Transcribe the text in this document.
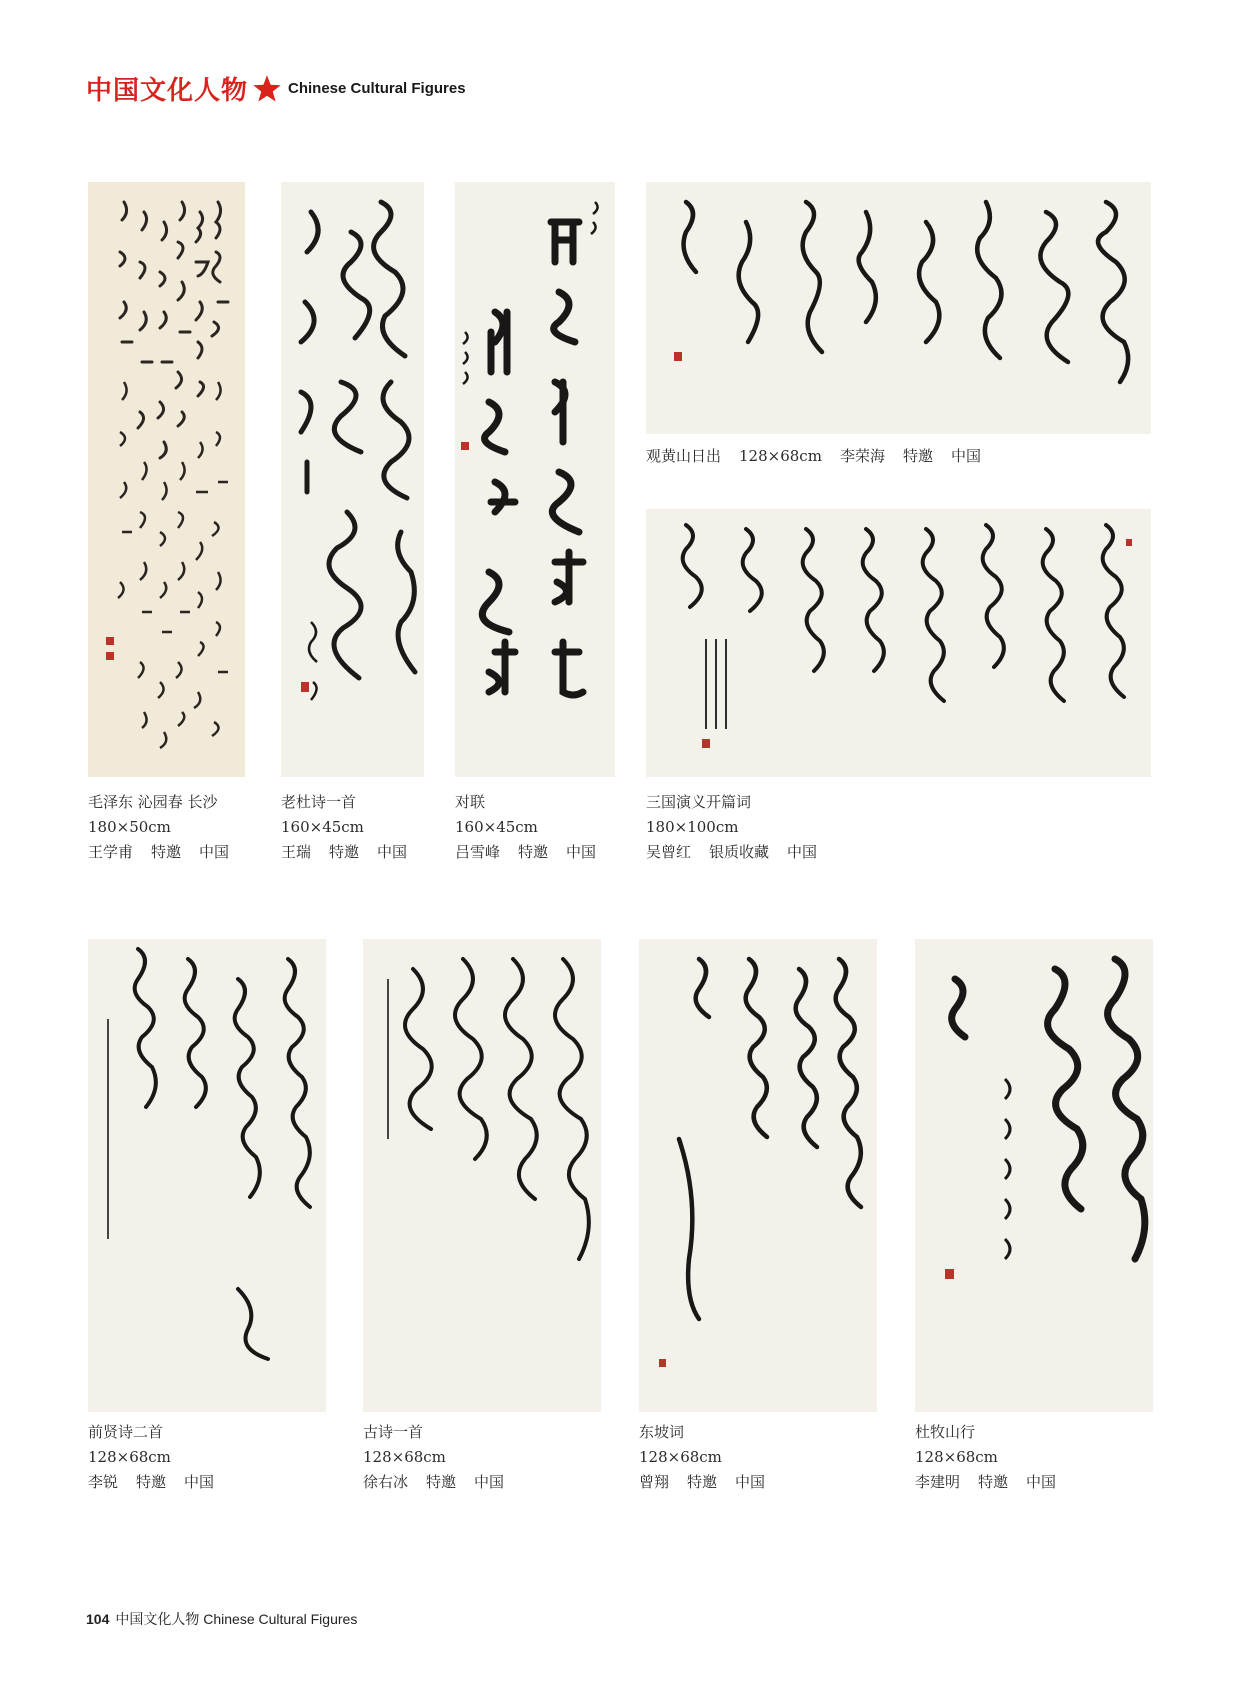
中国文化人物	Chinese Cultural Figures
毛泽东 沁园春 长沙
180×50cm
王学甫 特邀 中国
老杜诗一首
160×45cm
王瑞 特邀 中国
对联
160×45cm
吕雪峰 特邀 中国
观黄山日出 128×68cm 李荣海 特邀 中国
三国演义开篇词
180×100cm
吴曾红 银质收藏 中国
前贤诗二首
128×68cm
李锐 特邀 中国
古诗一首
128×68cm
徐右冰 特邀 中国
东坡词
128×68cm
曾翔 特邀 中国
杜牧山行
128×68cm
李建明 特邀 中国
104 中国文化人物 Chinese Cultural Figures
